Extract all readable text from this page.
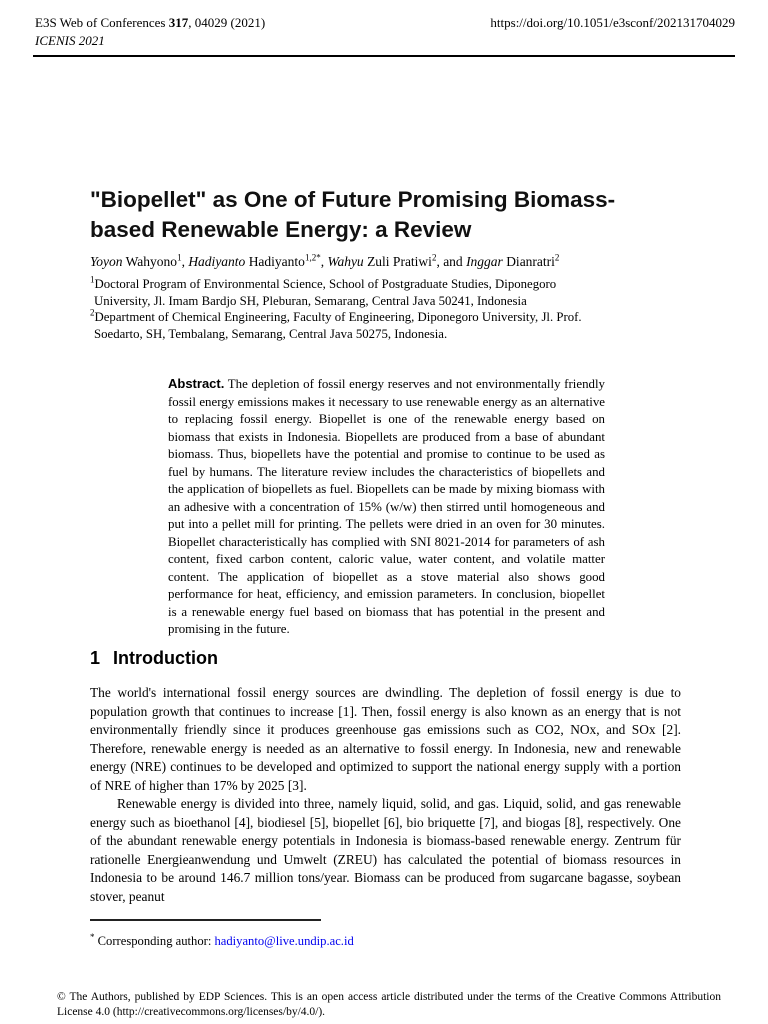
E3S Web of Conferences 317, 04029 (2021)
ICENIS 2021
https://doi.org/10.1051/e3sconf/202131704029
"Biopellet" as One of Future Promising Biomass-
based Renewable Energy: a Review
Yoyon Wahyono$^1$, Hadiyanto Hadiyanto$^{1,2*}$, Wahyu Zuli Pratiwi$^2$, and Inggar Dianratri$^2$
$^1$Doctoral Program of Environmental Science, School of Postgraduate Studies, Diponegoro
University, Jl. Imam Bardjo SH, Pleburan, Semarang, Central Java 50241, Indonesia
$^2$Department of Chemical Engineering, Faculty of Engineering, Diponegoro University, Jl. Prof.
Soedarto, SH, Tembalang, Semarang, Central Java 50275, Indonesia.
Abstract. The depletion of fossil energy reserves and not environmentally friendly fossil energy emissions makes it necessary to use renewable energy as an alternative to replacing fossil energy. Biopellet is one of the renewable energy based on biomass that exists in Indonesia. Biopellets are produced from a base of abundant biomass. Thus, biopellets have the potential and promise to continue to be used as fuel by humans. The literature review includes the characteristics of biopellets and the application of biopellets as fuel. Biopellets can be made by mixing biomass with an adhesive with a concentration of 15% (w/w) then stirred until homogeneous and put into a pellet mill for printing. The pellets were dried in an oven for 30 minutes. Biopellet characteristically has complied with SNI 8021-2014 for parameters of ash content, fixed carbon content, caloric value, water content, and volatile matter content. The application of biopellet as a stove material also shows good performance for heat, efficiency, and emission parameters. In conclusion, biopellet is a renewable energy fuel based on biomass that has potential in the present and promising in the future.
1 Introduction

The world's international fossil energy sources are dwindling. The depletion of fossil energy is due to population growth that continues to increase [1]. Then, fossil energy is also known as an energy that is not environmentally friendly since it produces greenhouse gas emissions such as CO2, NOx, and SOx [2]. Therefore, renewable energy is needed as an alternative to fossil energy. In Indonesia, new and renewable energy (NRE) continues to be developed and optimized to support the national energy supply with a portion of NRE of higher than 17% by 2025 [3].

Renewable energy is divided into three, namely liquid, solid, and gas. Liquid, solid, and gas renewable energy such as bioethanol [4], biodiesel [5], biopellet [6], bio briquette [7], and biogas [8], respectively. One of the abundant renewable energy potentials in Indonesia is biomass-based renewable energy. Zentrum für rationelle Energieanwendung und Umwelt (ZREU) has calculated the potential of biomass resources in Indonesia to be around 146.7 million tons/year. Biomass can be produced from sugarcane bagasse, soybean stover, peanut

* Corresponding author: hadiyanto@live.undip.ac.id
© The Authors, published by EDP Sciences. This is an open access article distributed under the terms of the Creative Commons Attribution License 4.0 (http://creativecommons.org/licenses/by/4.0/).
